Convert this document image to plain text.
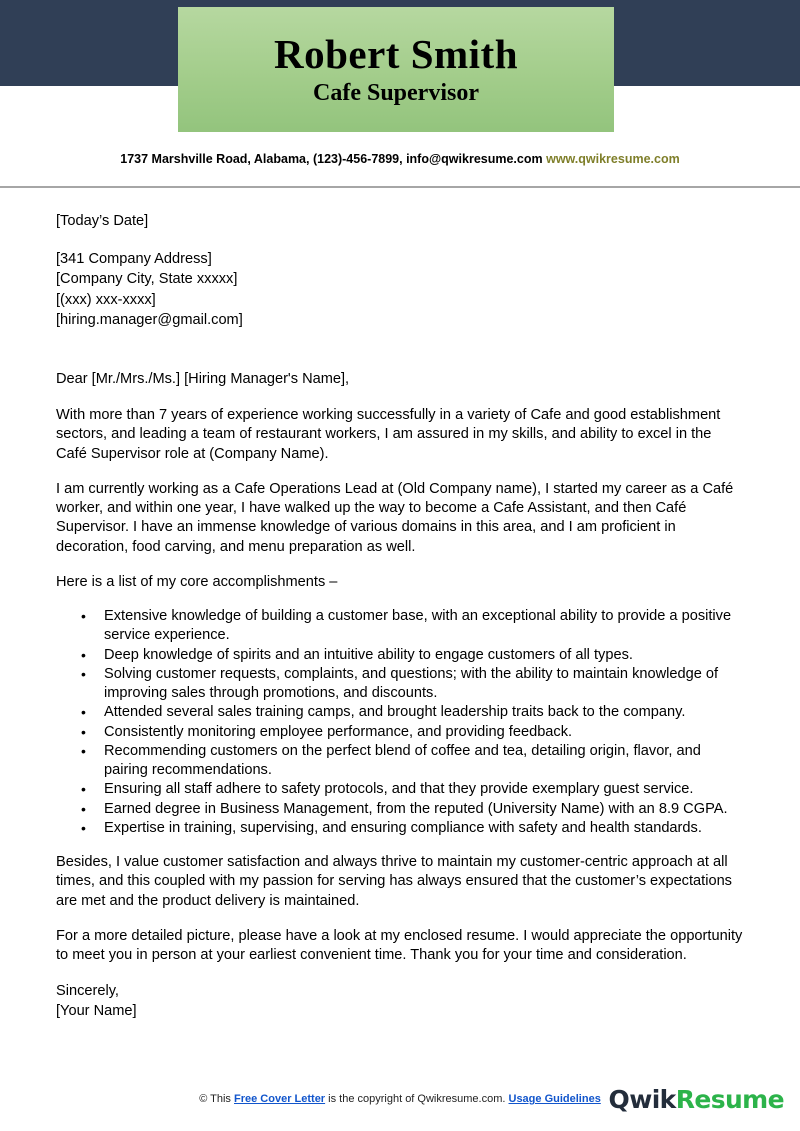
Robert Smith
Cafe Supervisor
1737 Marshville Road, Alabama, (123)-456-7899, info@qwikresume.com www.qwikresume.com
[Today’s Date]

[341 Company Address]

[Company City, State xxxxx]

[(xxx) xxx-xxxx]

[hiring.manager@gmail.com]

Dear [Mr./Mrs./Ms.] [Hiring Manager's Name],

With more than 7 years of experience working successfully in a variety of Cafe and good establishment sectors, and leading a team of restaurant workers, I am assured in my skills, and ability to excel in the Café Supervisor role at (Company Name).

I am currently working as a Cafe Operations Lead at (Old Company name), I started my career as a Café worker, and within one year, I have walked up the way to become a Cafe Assistant, and then Café Supervisor. I have an immense knowledge of various domains in this area, and I am proficient in decoration, food carving, and menu preparation as well.

Here is a list of my core accomplishments –

• Extensive knowledge of building a customer base, with an exceptional ability to provide a positive service experience.
• Deep knowledge of spirits and an intuitive ability to engage customers of all types.
• Solving customer requests, complaints, and questions; with the ability to maintain knowledge of improving sales through promotions, and discounts.
• Attended several sales training camps, and brought leadership traits back to the company.
• Consistently monitoring employee performance, and providing feedback.
• Recommending customers on the perfect blend of coffee and tea, detailing origin, flavor, and pairing recommendations.
• Ensuring all staff adhere to safety protocols, and that they provide exemplary guest service.
• Earned degree in Business Management, from the reputed (University Name) with an 8.9 CGPA.
• Expertise in training, supervising, and ensuring compliance with safety and health standards.

Besides, I value customer satisfaction and always thrive to maintain my customer-centric approach at all times, and this coupled with my passion for serving has always ensured that the customer’s expectations are met and the product delivery is maintained.

For a more detailed picture, please have a look at my enclosed resume. I would appreciate the opportunity to meet you in person at your earliest convenient time. Thank you for your time and consideration.

Sincerely,

[Your Name]

© This Free Cover Letter is the copyright of Qwikresume.com. Usage Guidelines QwikResume
